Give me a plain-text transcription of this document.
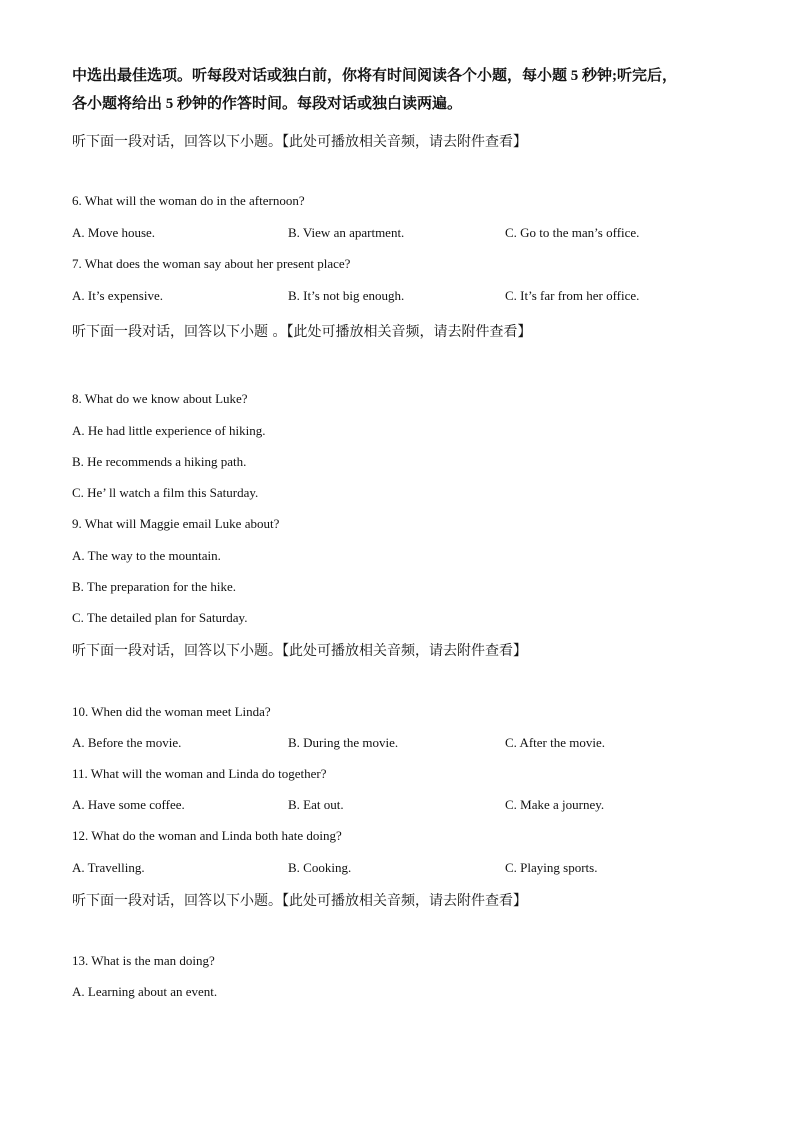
中选出最佳选项。听每段对话或独白前，你将有时间阅读各个小题，每小题 5 秒钟;听完后，
各小题将给出 5 秒钟的作答时间。每段对话或独白读两遍。
听下面一段对话，回答以下小题。【此处可播放相关音频，请去附件查看】
6. What will the woman do in the afternoon?
A. Move house.	B. View an apartment.	C. Go to the man’s office.
7. What does the woman say about her present place?
A. It’s expensive.	B. It’s not big enough.	C. It’s far from her office.
听下面一段对话，回答以下小题 。【此处可播放相关音频，请去附件查看】
8. What do we know about Luke?
A. He had little experience of hiking.
B. He recommends a hiking path.
C. He’ ll watch a film this Saturday.
9. What will Maggie email Luke about?
A. The way to the mountain.
B. The preparation for the hike.
C. The detailed plan for Saturday.
听下面一段对话，回答以下小题。【此处可播放相关音频，请去附件查看】
10. When did the woman meet Linda?
A. Before the movie.	B. During the movie.	C. After the movie.
11. What will the woman and Linda do together?
A. Have some coffee.	B. Eat out.	C. Make a journey.
12. What do the woman and Linda both hate doing?
A. Travelling.	B. Cooking.	C. Playing sports.
听下面一段对话，回答以下小题。【此处可播放相关音频，请去附件查看】
13. What is the man doing?
A. Learning about an event.
